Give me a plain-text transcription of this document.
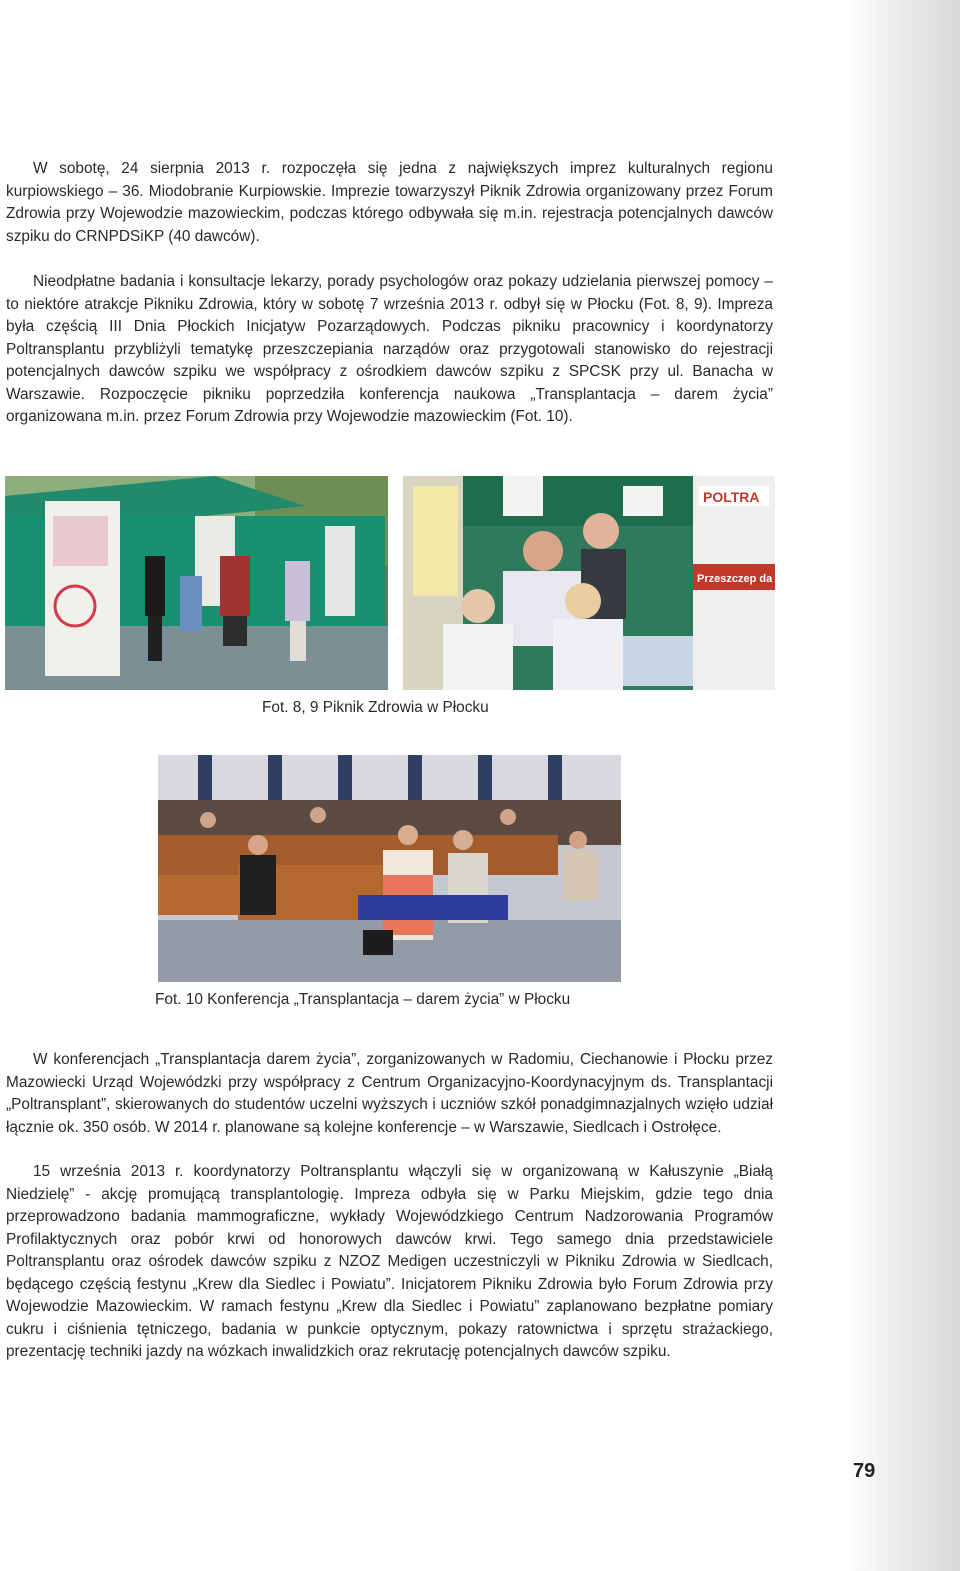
W sobotę, 24 sierpnia 2013 r. rozpoczęła się jedna z największych imprez kulturalnych regionu kurpiowskiego – 36. Miodobranie Kurpiowskie. Imprezie towarzyszył Piknik Zdrowia organizowany przez Forum Zdrowia przy Wojewodzie mazowieckim, podczas którego odbywała się m.in. rejestracja potencjalnych dawców szpiku do CRNPDSiKP (40 dawców).

Nieodpłatne badania i konsultacje lekarzy, porady psychologów oraz pokazy udzielania pierwszej pomocy – to niektóre atrakcje Pikniku Zdrowia, który w sobotę 7 września 2013 r. odbył się w Płocku (Fot. 8, 9). Impreza była częścią III Dnia Płockich Inicjatyw Pozarządowych. Podczas pikniku pracownicy i koordynatorzy Poltransplantu przybliżyli tematykę przeszczepiania narządów oraz przygotowali stanowisko do rejestracji potencjalnych dawców szpiku we współpracy z ośrodkiem dawców szpiku z SPCSK przy ul. Banacha w Warszawie. Rozpoczęcie pikniku poprzedziła konferencja naukowa „Transplantacja – darem życia” organizowana m.in. przez Forum Zdrowia przy Wojewodzie mazowieckim (Fot. 10).

POLTRA
Przeszczep da

Fot. 8, 9 Piknik Zdrowia w Płocku

Fot. 10 Konferencja „Transplantacja – darem życia” w Płocku

W konferencjach „Transplantacja darem życia”, zorganizowanych w Radomiu, Ciechanowie i Płocku przez Mazowiecki Urząd Wojewódzki przy współpracy z Centrum Organizacyjno-Koordynacyjnym ds. Transplantacji „Poltransplant”, skierowanych do studentów uczelni wyższych i uczniów szkół ponadgimnazjalnych wzięło udział łącznie ok. 350 osób. W 2014 r. planowane są kolejne konferencje – w Warszawie, Siedlcach i Ostrołęce.

15 września 2013 r. koordynatorzy Poltransplantu włączyli się w organizowaną w Kałuszynie „Białą Niedzielę” - akcję promującą transplantologię. Impreza odbyła się w Parku Miejskim, gdzie tego dnia przeprowadzono badania mammograficzne, wykłady Wojewódzkiego Centrum Nadzorowania Programów Profilaktycznych oraz pobór krwi od honorowych dawców krwi. Tego samego dnia przedstawiciele Poltransplantu oraz ośrodek dawców szpiku z NZOZ Medigen uczestniczyli w Pikniku Zdrowia w Siedlcach, będącego częścią festynu „Krew dla Siedlec i Powiatu”. Inicjatorem Pikniku Zdrowia było Forum Zdrowia przy Wojewodzie Mazowieckim. W ramach festynu „Krew dla Siedlec i Powiatu” zaplanowano bezpłatne pomiary cukru i ciśnienia tętniczego, badania w punkcie optycznym, pokazy ratownictwa i sprzętu strażackiego, prezentację techniki jazdy na wózkach inwalidzkich oraz rekrutację potencjalnych dawców szpiku.

79
